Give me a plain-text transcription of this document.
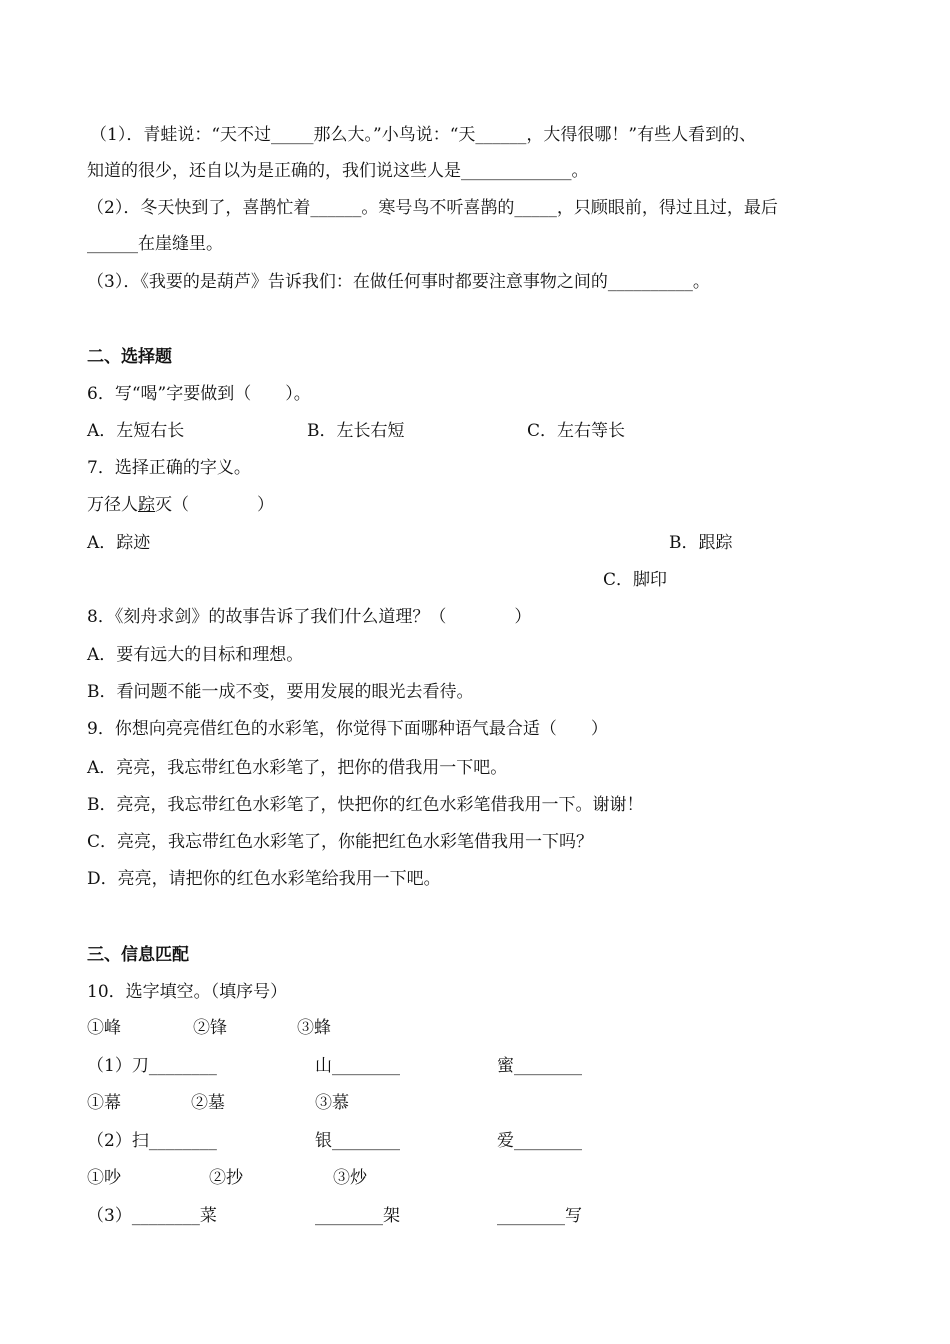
（1）．青蛙说：“天不过_____那么大。”小鸟说：“天______，大得很哪！”有些人看到的、
知道的很少，还自以为是正确的，我们说这些人是_____________。
（2）．冬天快到了，喜鹊忙着______。寒号鸟不听喜鹊的_____，只顾眼前，得过且过，最后
______在崖缝里。
（3）．《我要的是葫芦》告诉我们：在做任何事时都要注意事物之间的__________。
二、选择题
6．写“喝”字要做到（　　）。
A．左短右长	B．左长右短	C．左右等长
7．选择正确的字义。
万径人踪灭（　　　　）
A．踪迹	B．跟踪
C．脚印
8．《刻舟求剑》的故事告诉了我们什么道理？（　　　　）
A．要有远大的目标和理想。
B．看问题不能一成不变，要用发展的眼光去看待。
9．你想向亮亮借红色的水彩笔，你觉得下面哪种语气最合适（　　）
A．亮亮，我忘带红色水彩笔了，把你的借我用一下吧。
B．亮亮，我忘带红色水彩笔了，快把你的红色水彩笔借我用一下。谢谢！
C．亮亮，我忘带红色水彩笔了，你能把红色水彩笔借我用一下吗？
D．亮亮，请把你的红色水彩笔给我用一下吧。
三、信息匹配
10．选字填空。（填序号）
①峰	②锋	③蜂
（1）刀________	山________	蜜________
①幕	②墓	③慕
（2）扫________	银________	爱________
①吵	②抄	③炒
（3）________菜	________架	________写
